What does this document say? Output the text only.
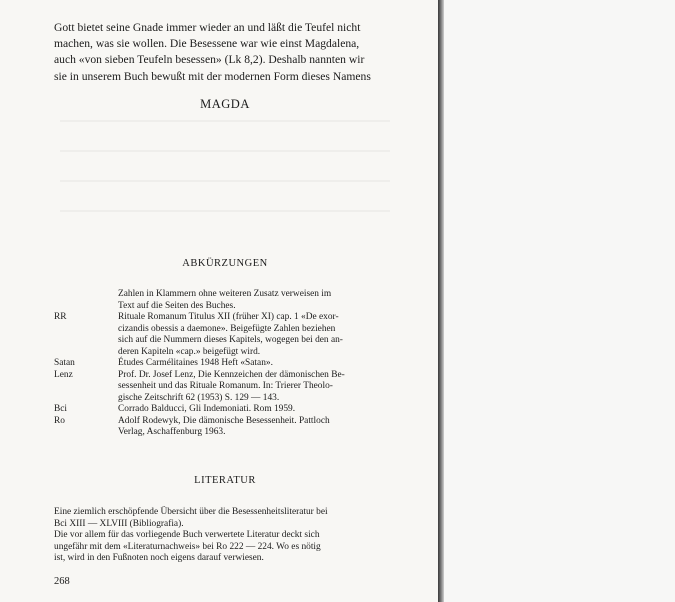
Gott bietet seine Gnade immer wieder an und läßt die Teufel nicht

machen, was sie wollen. Die Besessene war wie einst Magdalena,

auch «von sieben Teufeln besessen» (Lk 8,2). Deshalb nannten wir

sie in unserem Buch bewußt mit der modernen Form dieses Namens

MAGDA
ABKÜRZUNGEN
Zahlen in Klammern ohne weiteren Zusatz verweisen im
Text auf die Seiten des Buches.
RR	Rituale Romanum Titulus XII (früher XI) cap. 1 «De exor-
cizandis obessis a daemone». Beigefügte Zahlen beziehen
sich auf die Nummern dieses Kapitels, wogegen bei den an-
deren Kapiteln «cap.» beigefügt wird.
Satan	Études Carmélitaines 1948 Heft «Satan».
Lenz	Prof. Dr. Josef Lenz, Die Kennzeichen der dämonischen Be-
sessenheit und das Rituale Romanum. In: Trierer Theolo-
gische Zeitschrift 62 (1953) S. 129 — 143.
Bci	Corrado Balducci, Gli Indemoniati. Rom 1959.
Ro	Adolf Rodewyk, Die dämonische Besessenheit. Pattloch
Verlag, Aschaffenburg 1963.
LITERATUR

Eine ziemlich erschöpfende Übersicht über die Besessenheitsliteratur bei

Bci XIII — XLVIII (Bibliografia).

Die vor allem für das vorliegende Buch verwertete Literatur deckt sich

ungefähr mit dem «Literaturnachweis» bei Ro 222 — 224. Wo es nötig

ist, wird in den Fußnoten noch eigens darauf verwiesen.

268
